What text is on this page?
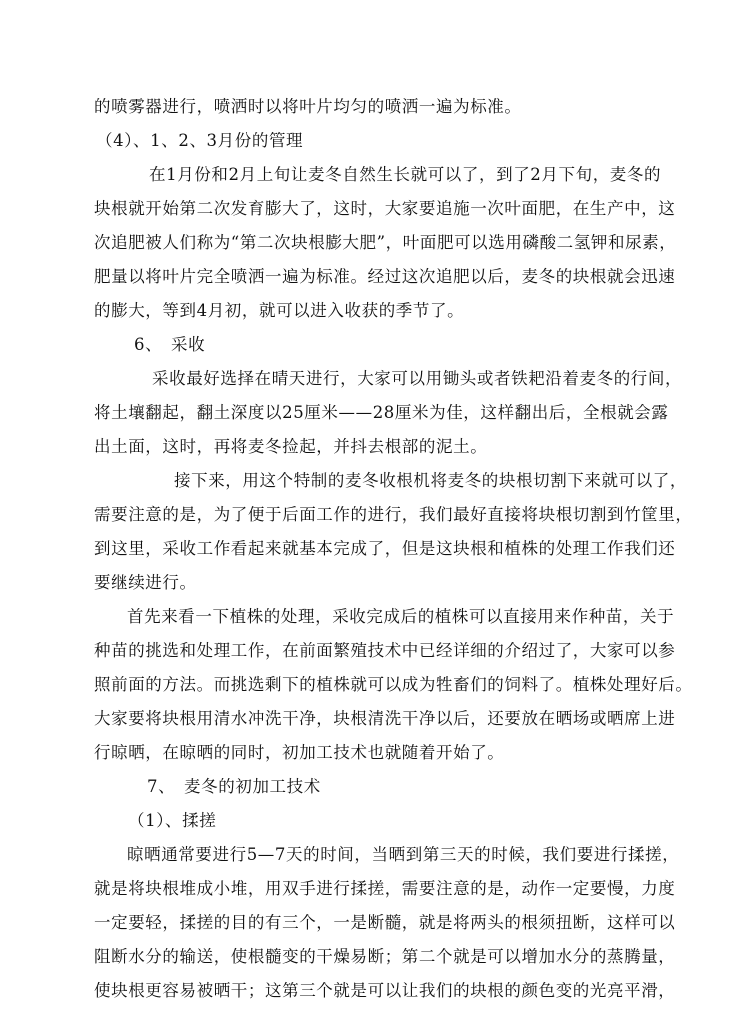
的喷雾器进行，喷洒时以将叶片均匀的喷洒一遍为标准。
（4）、1、2、3月份的管理
在1月份和2月上旬让麦冬自然生长就可以了，到了2月下旬，麦冬的
块根就开始第二次发育膨大了，这时，大家要追施一次叶面肥，在生产中，这
次追肥被人们称为“第二次块根膨大肥”，叶面肥可以选用磷酸二氢钾和尿素，
肥量以将叶片完全喷洒一遍为标准。经过这次追肥以后，麦冬的块根就会迅速
的膨大，等到4月初，就可以进入收获的季节了。
6、　采收
采收最好选择在晴天进行，大家可以用锄头或者铁耙沿着麦冬的行间，
将土壤翻起，翻土深度以25厘米——28厘米为佳，这样翻出后，全根就会露
出土面，这时，再将麦冬捡起，并抖去根部的泥土。
接下来，用这个特制的麦冬收根机将麦冬的块根切割下来就可以了，
需要注意的是，为了便于后面工作的进行，我们最好直接将块根切割到竹筐里，
到这里，采收工作看起来就基本完成了，但是这块根和植株的处理工作我们还
要继续进行。
首先来看一下植株的处理，采收完成后的植株可以直接用来作种苗，关于
种苗的挑选和处理工作，在前面繁殖技术中已经详细的介绍过了，大家可以参
照前面的方法。而挑选剩下的植株就可以成为牲畜们的饲料了。植株处理好后。
大家要将块根用清水冲洗干净，块根清洗干净以后，还要放在晒场或晒席上进
行晾晒，在晾晒的同时，初加工技术也就随着开始了。
7、　麦冬的初加工技术
（1）、揉搓
晾晒通常要进行5—7天的时间，当晒到第三天的时候，我们要进行揉搓，
就是将块根堆成小堆，用双手进行揉搓，需要注意的是，动作一定要慢，力度
一定要轻，揉搓的目的有三个，一是断髓，就是将两头的根须扭断，这样可以
阻断水分的输送，使根髓变的干燥易断；第二个就是可以增加水分的蒸腾量，
使块根更容易被晒干；这第三个就是可以让我们的块根的颜色变的光亮平滑，
